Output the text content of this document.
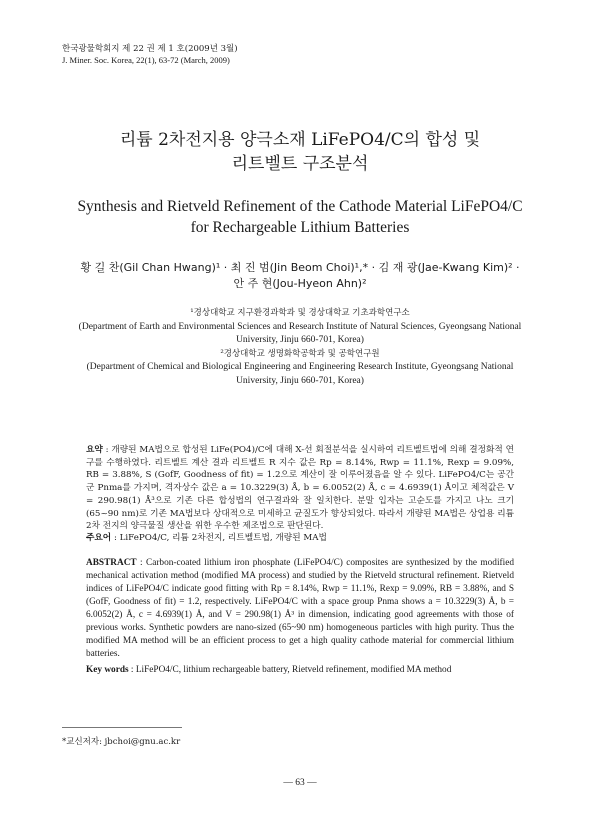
한국광물학회지 제 22 권 제 1 호(2009년 3월)
J. Miner. Soc. Korea, 22(1), 63-72 (March, 2009)
리튬 2차전지용 양극소재 LiFePO4/C의 합성 및
리트벨트 구조분석
Synthesis and Rietveld Refinement of the Cathode Material LiFePO4/C
for Rechargeable Lithium Batteries
황 길 찬(Gil Chan Hwang)¹ · 최 진 범(Jin Beom Choi)¹,* · 김 재 광(Jae-Kwang Kim)² ·
안 주 현(Jou-Hyeon Ahn)²
¹경상대학교 지구환경과학과 및 경상대학교 기초과학연구소
(Department of Earth and Environmental Sciences and Research Institute of Natural Sciences, Gyeongsang National
University, Jinju 660-701, Korea)
²경상대학교 생명화학공학과 및 공학연구원
(Department of Chemical and Biological Engineering and Engineering Research Institute, Gyeongsang National
University, Jinju 660-701, Korea)
요약 : 개량된 MA법으로 합성된 LiFe(PO4)/C에 대해 X-선 회절분석을 실시하여 리트벨트법에 의해 결정화적 연구를 수행하였다. 리트벨트 계산 결과 리트벨트 R 지수 값은 Rp = 8.14%, Rwp = 11.1%, Rexp = 9.09%, RB = 3.88%, S (GofF, Goodness of fit) = 1.2으로 계산이 잘 이루어졌음을 알 수 있다. LiFePO4/C는 공간군 Pnma를 가지며, 격자상수 값은 a = 10.3229(3) Å, b = 6.0052(2) Å, c = 4.6939(1) Å이고 체적값은 V = 290.98(1) Å³으로 기존 다른 합성법의 연구결과와 잘 일치한다. 분말 입자는 고순도를 가지고 나노 크기(65~90 nm)로 기존 MA법보다 상대적으로 미세하고 균질도가 향상되었다. 따라서 개량된 MA법은 상업용 리튬 2차 전지의 양극물질 생산을 위한 우수한 제조법으로 판단된다.
주요어 : LiFePO4/C, 리튬 2차전지, 리트벨트법, 개량된 MA법
ABSTRACT : Carbon-coated lithium iron phosphate (LiFePO4/C) composites are synthesized by the modified mechanical activation method (modified MA process) and studied by the Rietveld structural refinement. Rietveld indices of LiFePO4/C indicate good fitting with Rp = 8.14%, Rwp = 11.1%, Rexp = 9.09%, RB = 3.88%, and S (GofF, Goodness of fit) = 1.2, respectively. LiFePO4/C with a space group Pnma shows a = 10.3229(3) Å, b = 6.0052(2) Å, c = 4.6939(1) Å, and V = 290.98(1) Å³ in dimension, indicating good agreements with those of previous works. Synthetic powders are nano-sized (65~90 nm) homogeneous particles with high purity. Thus the modified MA method will be an efficient process to get a high quality cathode material for commercial lithium batteries.
Key words : LiFePO4/C, lithium rechargeable battery, Rietveld refinement, modified MA method
*교신저자: jbchoi@gnu.ac.kr
— 63 —
